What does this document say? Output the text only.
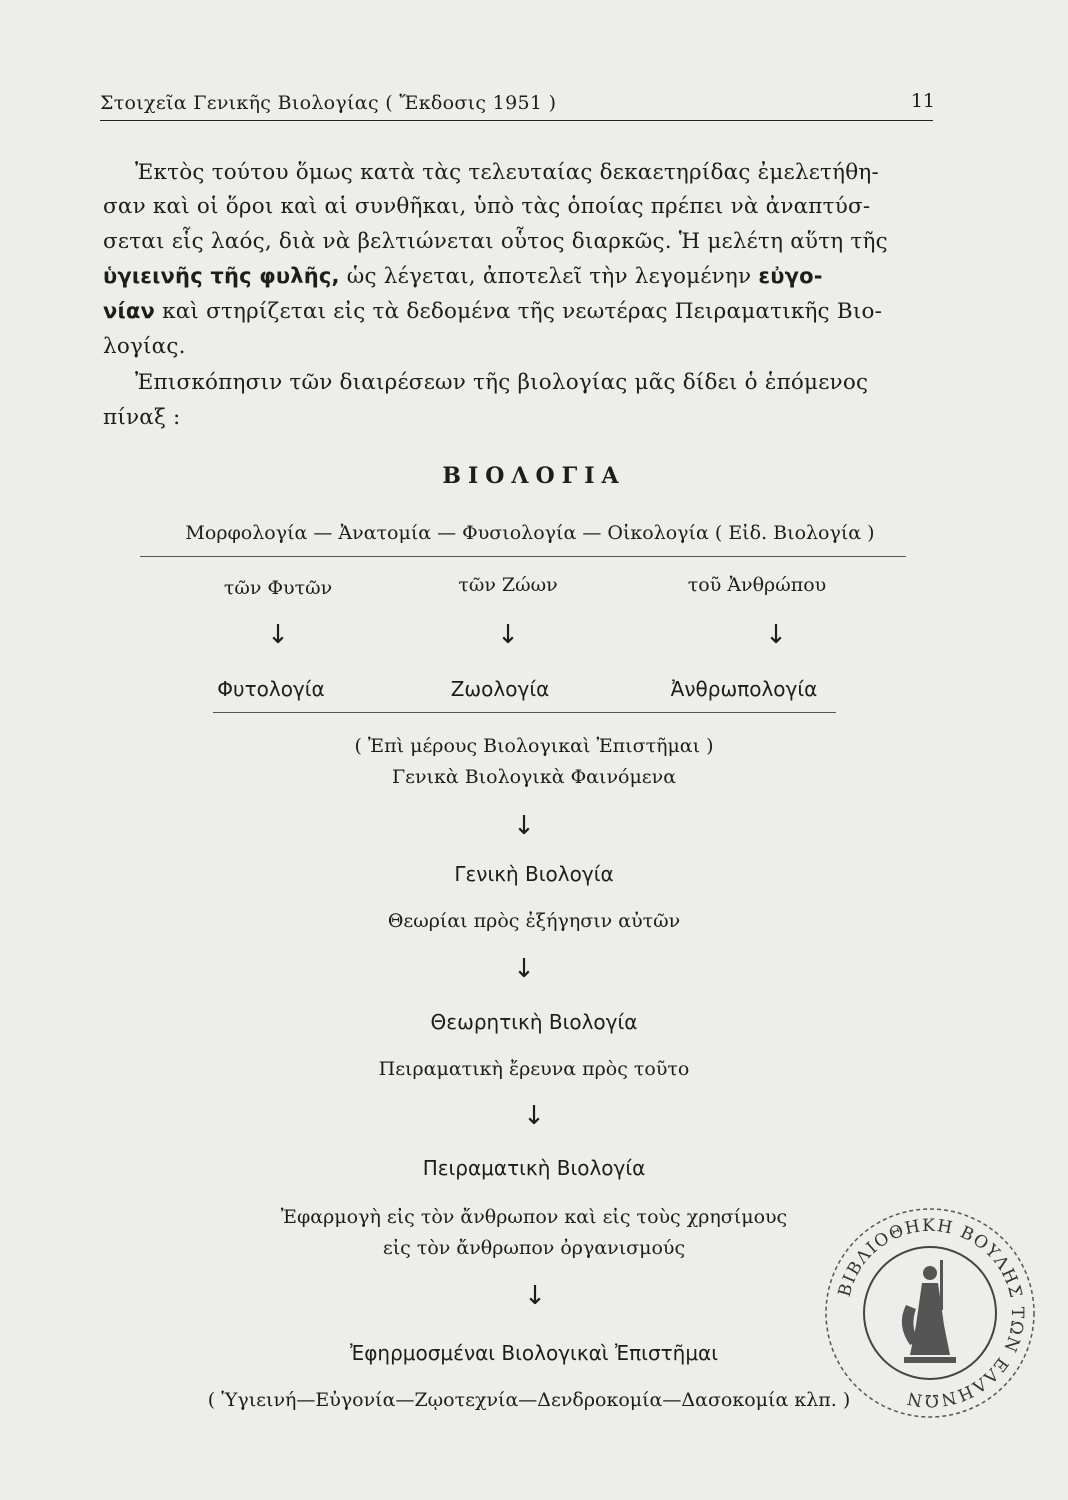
Στοιχεῖα Γενικῆς Βιολογίας ( Ἔκδοσις 1951 )	11
Ἐκτὸς τούτου ὅμως κατὰ τὰς τελευταίας δεκαετηρίδας ἐμελετήθη-
σαν καὶ οἱ ὅροι καὶ αἱ συνθῆκαι, ὑπὸ τὰς ὁποίας πρέπει νὰ ἀναπτύσ-
σεται εἷς λαός, διὰ νὰ βελτιώνεται οὗτος διαρκῶς. Ἡ μελέτη αὕτη τῆς
ὑγιεινῆς τῆς φυλῆς, ὡς λέγεται, ἀποτελεῖ τὴν λεγομένην εὐγο-
νίαν καὶ στηρίζεται εἰς τὰ δεδομένα τῆς νεωτέρας Πειραματικῆς Βιο-
λογίας.
Ἐπισκόπησιν τῶν διαιρέσεων τῆς βιολογίας μᾶς δίδει ὁ ἑπόμενος
πίναξ :
ΒΙΟΛΟΓΙΑ
Μορφολογία — Ἀνατομία — Φυσιολογία — Οἰκολογία ( Εἰδ. Βιολογία )
τῶν Φυτῶν	τῶν Ζώων	τοῦ Ἀνθρώπου
↓	↓	↓
Φυτολογία	Ζωολογία	Ἀνθρωπολογία
( Ἐπὶ μέρους Βιολογικαὶ Ἐπιστῆμαι )
Γενικὰ Βιολογικὰ Φαινόμενα
↓
Γενικὴ Βιολογία
Θεωρίαι πρὸς ἐξήγησιν αὐτῶν
↓
Θεωρητικὴ Βιολογία
Πειραματικὴ ἔρευνα πρὸς τοῦτο
↓
Πειραματικὴ Βιολογία
Ἐφαρμογὴ εἰς τὸν ἄνθρωπον καὶ εἰς τοὺς χρησίμους
εἰς τὸν ἄνθρωπον ὀργανισμούς
↓
Ἐφηρμοσμέναι Βιολογικαὶ Ἐπιστῆμαι
( Ὑγιεινή—Εὐγονία—Ζῳοτεχνία—Δενδροκομία—Δασοκομία κλπ. )
ΒΙΒΛΙΟΘΗΚΗ ΒΟΥΛΗΣ ΤΩΝ ΕΛΛΗΝΩΝ
